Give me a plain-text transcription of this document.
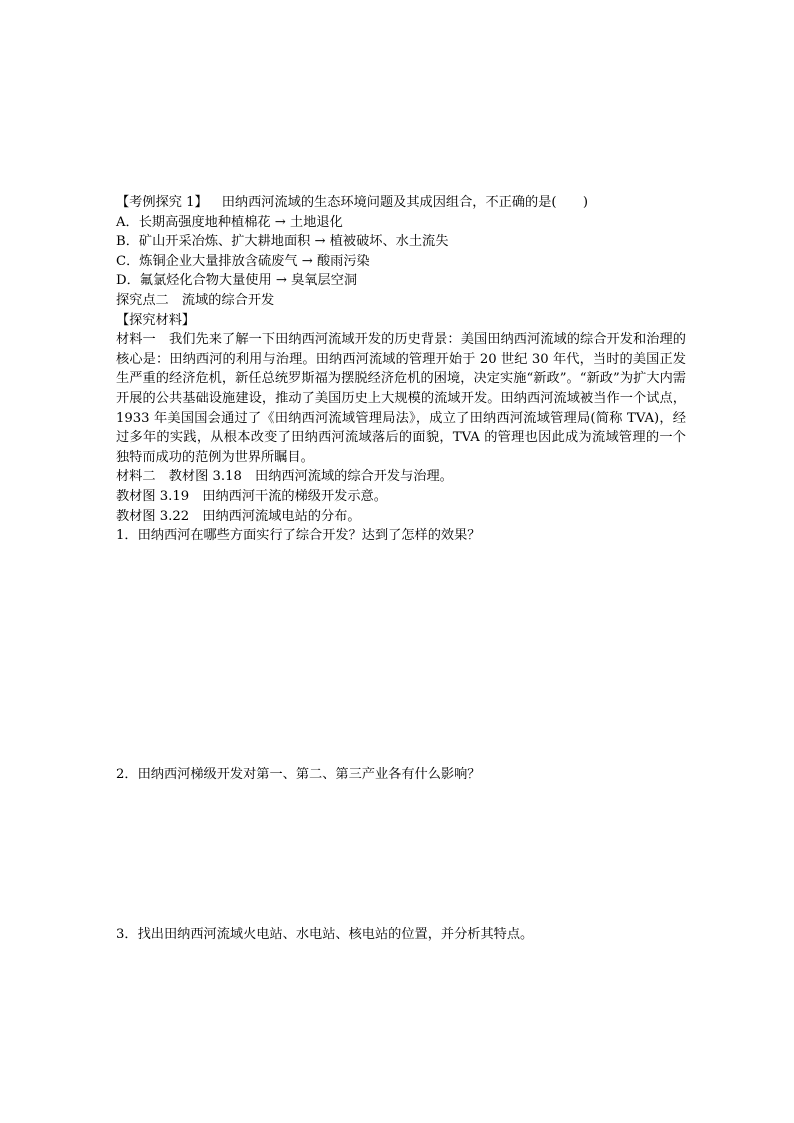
【考例探究 1】 田纳西河流域的生态环境问题及其成因组合，不正确的是(　　)
A．长期高强度地种植棉花 → 土地退化
B．矿山开采冶炼、扩大耕地面积 → 植被破坏、水土流失
C．炼铜企业大量排放含硫废气 → 酸雨污染
D．氟氯烃化合物大量使用 → 臭氧层空洞
探究点二　流域的综合开发
【探究材料】
材料一　我们先来了解一下田纳西河流域开发的历史背景：美国田纳西河流域的综合开发和治理的核心是：田纳西河的利用与治理。田纳西河流域的管理开始于 20 世纪 30 年代，当时的美国正发生严重的经济危机，新任总统罗斯福为摆脱经济危机的困境，决定实施“新政”。“新政”为扩大内需开展的公共基础设施建设，推动了美国历史上大规模的流域开发。田纳西河流域被当作一个试点，1933 年美国国会通过了《田纳西河流域管理局法》，成立了田纳西河流域管理局(简称 TVA)，经过多年的实践，从根本改变了田纳西河流域落后的面貌，TVA 的管理也因此成为流域管理的一个独特而成功的范例为世界所瞩目。
材料二　教材图 3.18　田纳西河流域的综合开发与治理。
教材图 3.19　田纳西河干流的梯级开发示意。
教材图 3.22　田纳西河流域电站的分布。
1．田纳西河在哪些方面实行了综合开发？达到了怎样的效果？
2．田纳西河梯级开发对第一、第二、第三产业各有什么影响？
3．找出田纳西河流域火电站、水电站、核电站的位置，并分析其特点。
